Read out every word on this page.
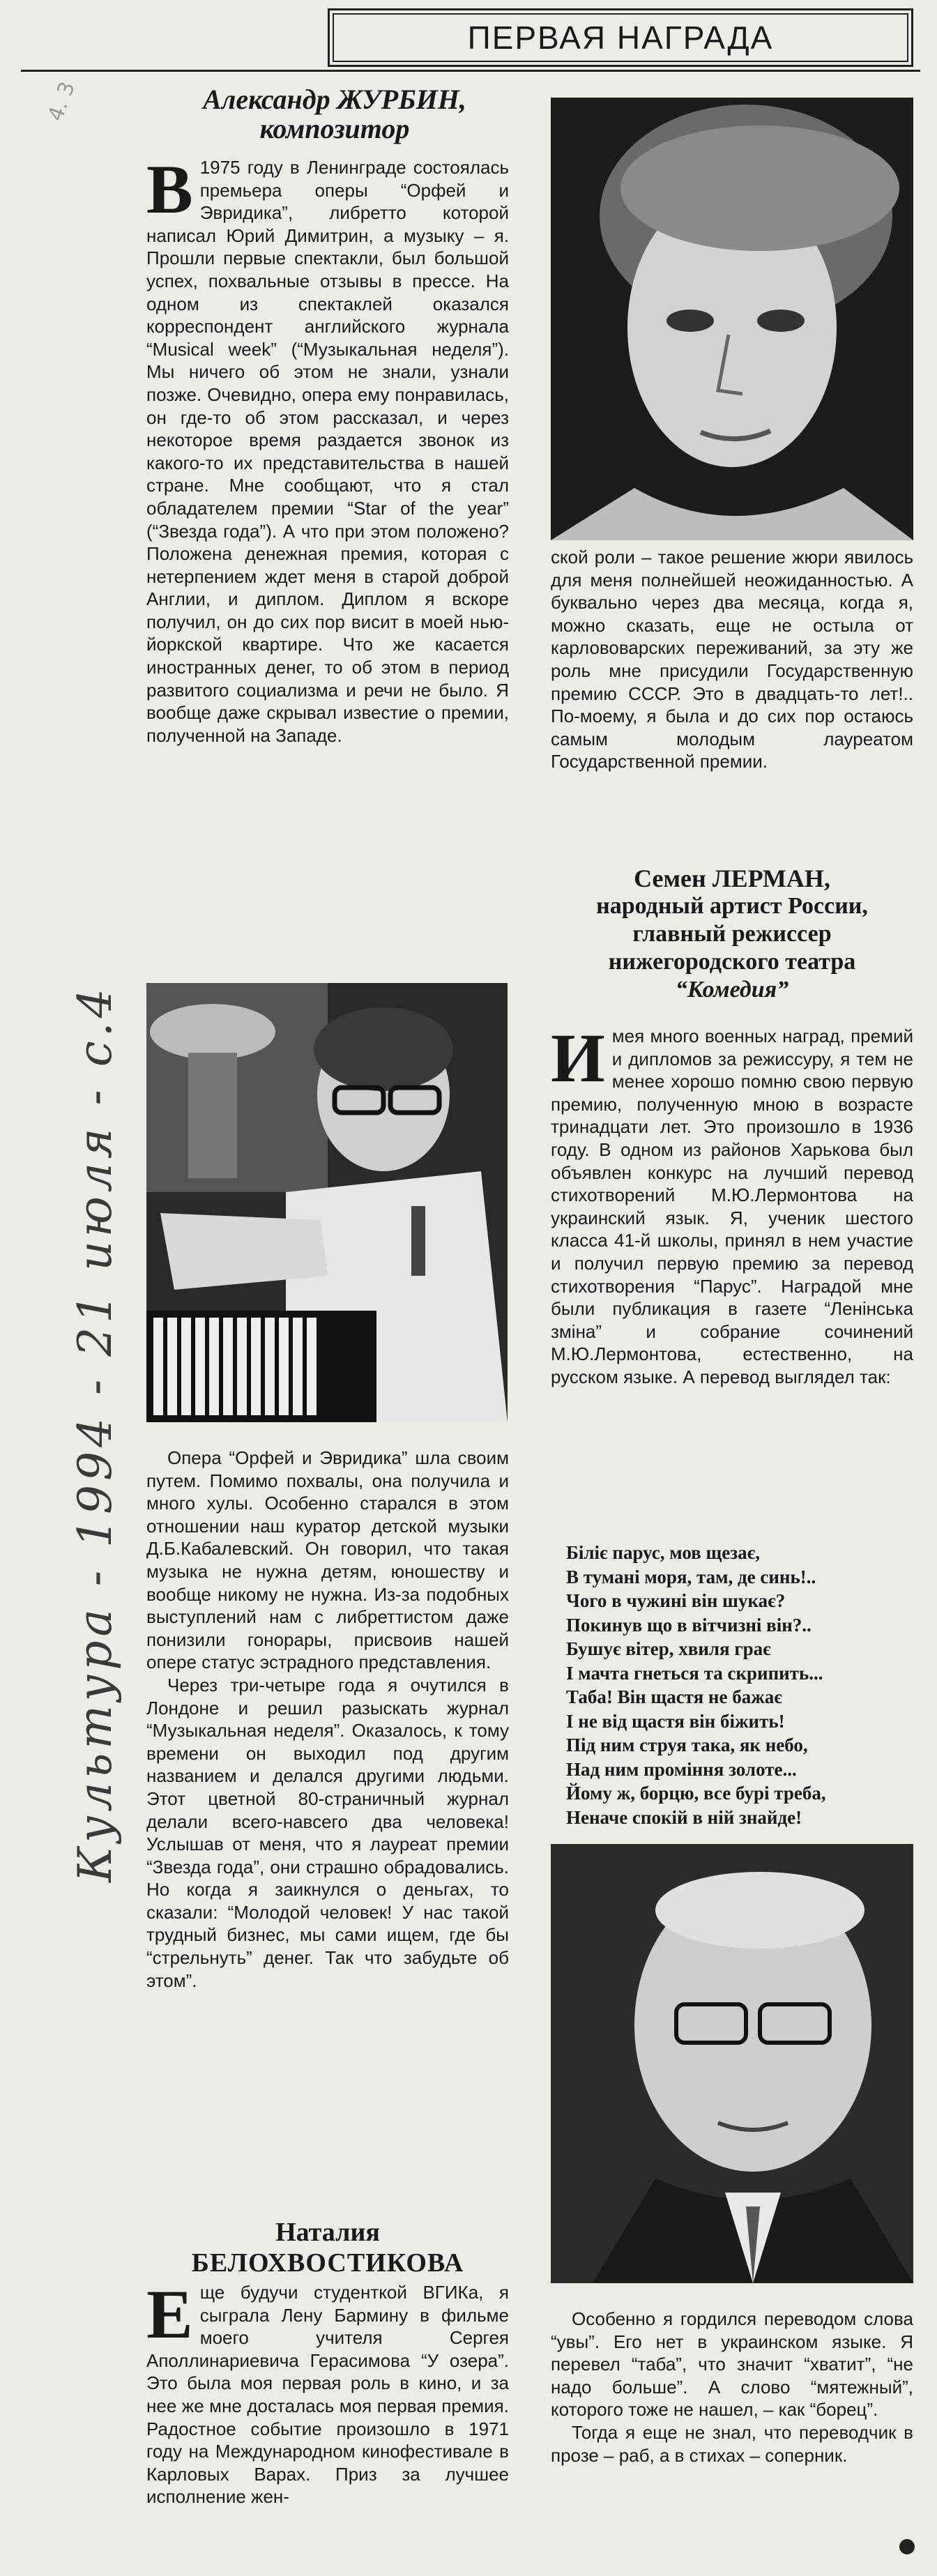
4. 3
ПЕРВАЯ НАГРАДА
Культура - 1994 - 21 июля - с.4
Александр ЖУРБИН,
композитор
В 1975 году в Ленинграде состоялась премьера оперы “Орфей и Эвридика”, либретто которой написал Юрий Димитрин, а музыку – я. Прошли первые спектакли, был большой успех, похвальные отзывы в прессе. На одном из спектаклей оказался корреспондент английского журнала “Musical week” (“Музыкальная неделя”). Мы ничего об этом не знали, узнали позже. Очевидно, опера ему понравилась, он где-то об этом рассказал, и через некоторое время раздается звонок из какого-то их представительства в нашей стране. Мне сообщают, что я стал обладателем премии “Star of the year” (“Звезда года”). А что при этом положено? Положена денежная премия, которая с нетерпением ждет меня в старой доброй Англии, и диплом. Диплом я вскоре получил, он до сих пор висит в моей нью-йоркской квартире. Что же касается иностранных денег, то об этом в период развитого социализма и речи не было. Я вообще даже скрывал известие о премии, полученной на Западе.

Опера “Орфей и Эвридика” шла своим путем. Помимо похвалы, она получила и много хулы. Особенно старался в этом отношении наш куратор детской музыки Д.Б.Кабалевский. Он говорил, что такая музыка не нужна детям, юношеству и вообще никому не нужна. Из-за подобных выступлений нам с либреттистом даже понизили гонорары, присвоив нашей опере статус эстрадного представления.

Через три-четыре года я очутился в Лондоне и решил разыскать журнал “Музыкальная неделя”. Оказалось, к тому времени он выходил под другим названием и делался другими людьми. Этот цветной 80-страничный журнал делали всего-навсего два человека! Услышав от меня, что я лауреат премии “Звезда года”, они страшно обрадовались. Но когда я заикнулся о деньгах, то сказали: “Молодой человек! У нас такой трудный бизнес, мы сами ищем, где бы “стрельнуть” денег. Так что забудьте об этом”.

Наталия
БЕЛОХВОСТИКОВА
Е ще будучи студенткой ВГИКа, я сыграла Лену Бармину в фильме моего учителя Сергея Аполлинариевича Герасимова “У озера”. Это была моя первая роль в кино, и за нее же мне досталась моя первая премия. Радостное событие произошло в 1971 году на Международном кинофестивале в Карловых Варах. Приз за лучшее исполнение жен-

ской роли – такое решение жюри явилось для меня полнейшей неожиданностью. А буквально через два месяца, когда я, можно сказать, еще не остыла от карлововарских переживаний, за эту же роль мне присудили Государственную премию СССР. Это в двадцать-то лет!.. По-моему, я была и до сих пор остаюсь самым молодым лауреатом Государственной премии.

Семен ЛЕРМАН,
народный артист России,
главный режиссер
нижегородского театра
“Комедия”
И мея много военных наград, премий и дипломов за режиссуру, я тем не менее хорошо помню свою первую премию, полученную мною в возрасте тринадцати лет. Это произошло в 1936 году. В одном из районов Харькова был объявлен конкурс на лучший перевод стихотворений М.Ю.Лермонтова на украинский язык. Я, ученик шестого класса 41-й школы, принял в нем участие и получил первую премию за перевод стихотворения “Парус”. Наградой мне были публикация в газете “Ленінська зміна” и собрание сочинений М.Ю.Лермонтова, естественно, на русском языке. А перевод выглядел так:

Біліє парус, мов щезає,
В тумані моря, там, де синь!..
Чого в чужині він шукає?
Покинув що в вітчизні він?..
Бушує вітер, хвиля грає
І мачта гнеться та скрипить...
Таба! Він щастя не бажає
І не від щастя він біжить!
Під ним струя така, як небо,
Над ним проміння золоте...
Йому ж, борцю, все бурі треба,
Неначе спокій в ній знайде!

Особенно я гордился переводом слова “увы”. Его нет в украинском языке. Я перевел “таба”, что значит “хватит”, “не надо больше”. А слово “мятежный”, которого тоже не нашел, – как “борец”.

Тогда я еще не знал, что переводчик в прозе – раб, а в стихах – соперник.
